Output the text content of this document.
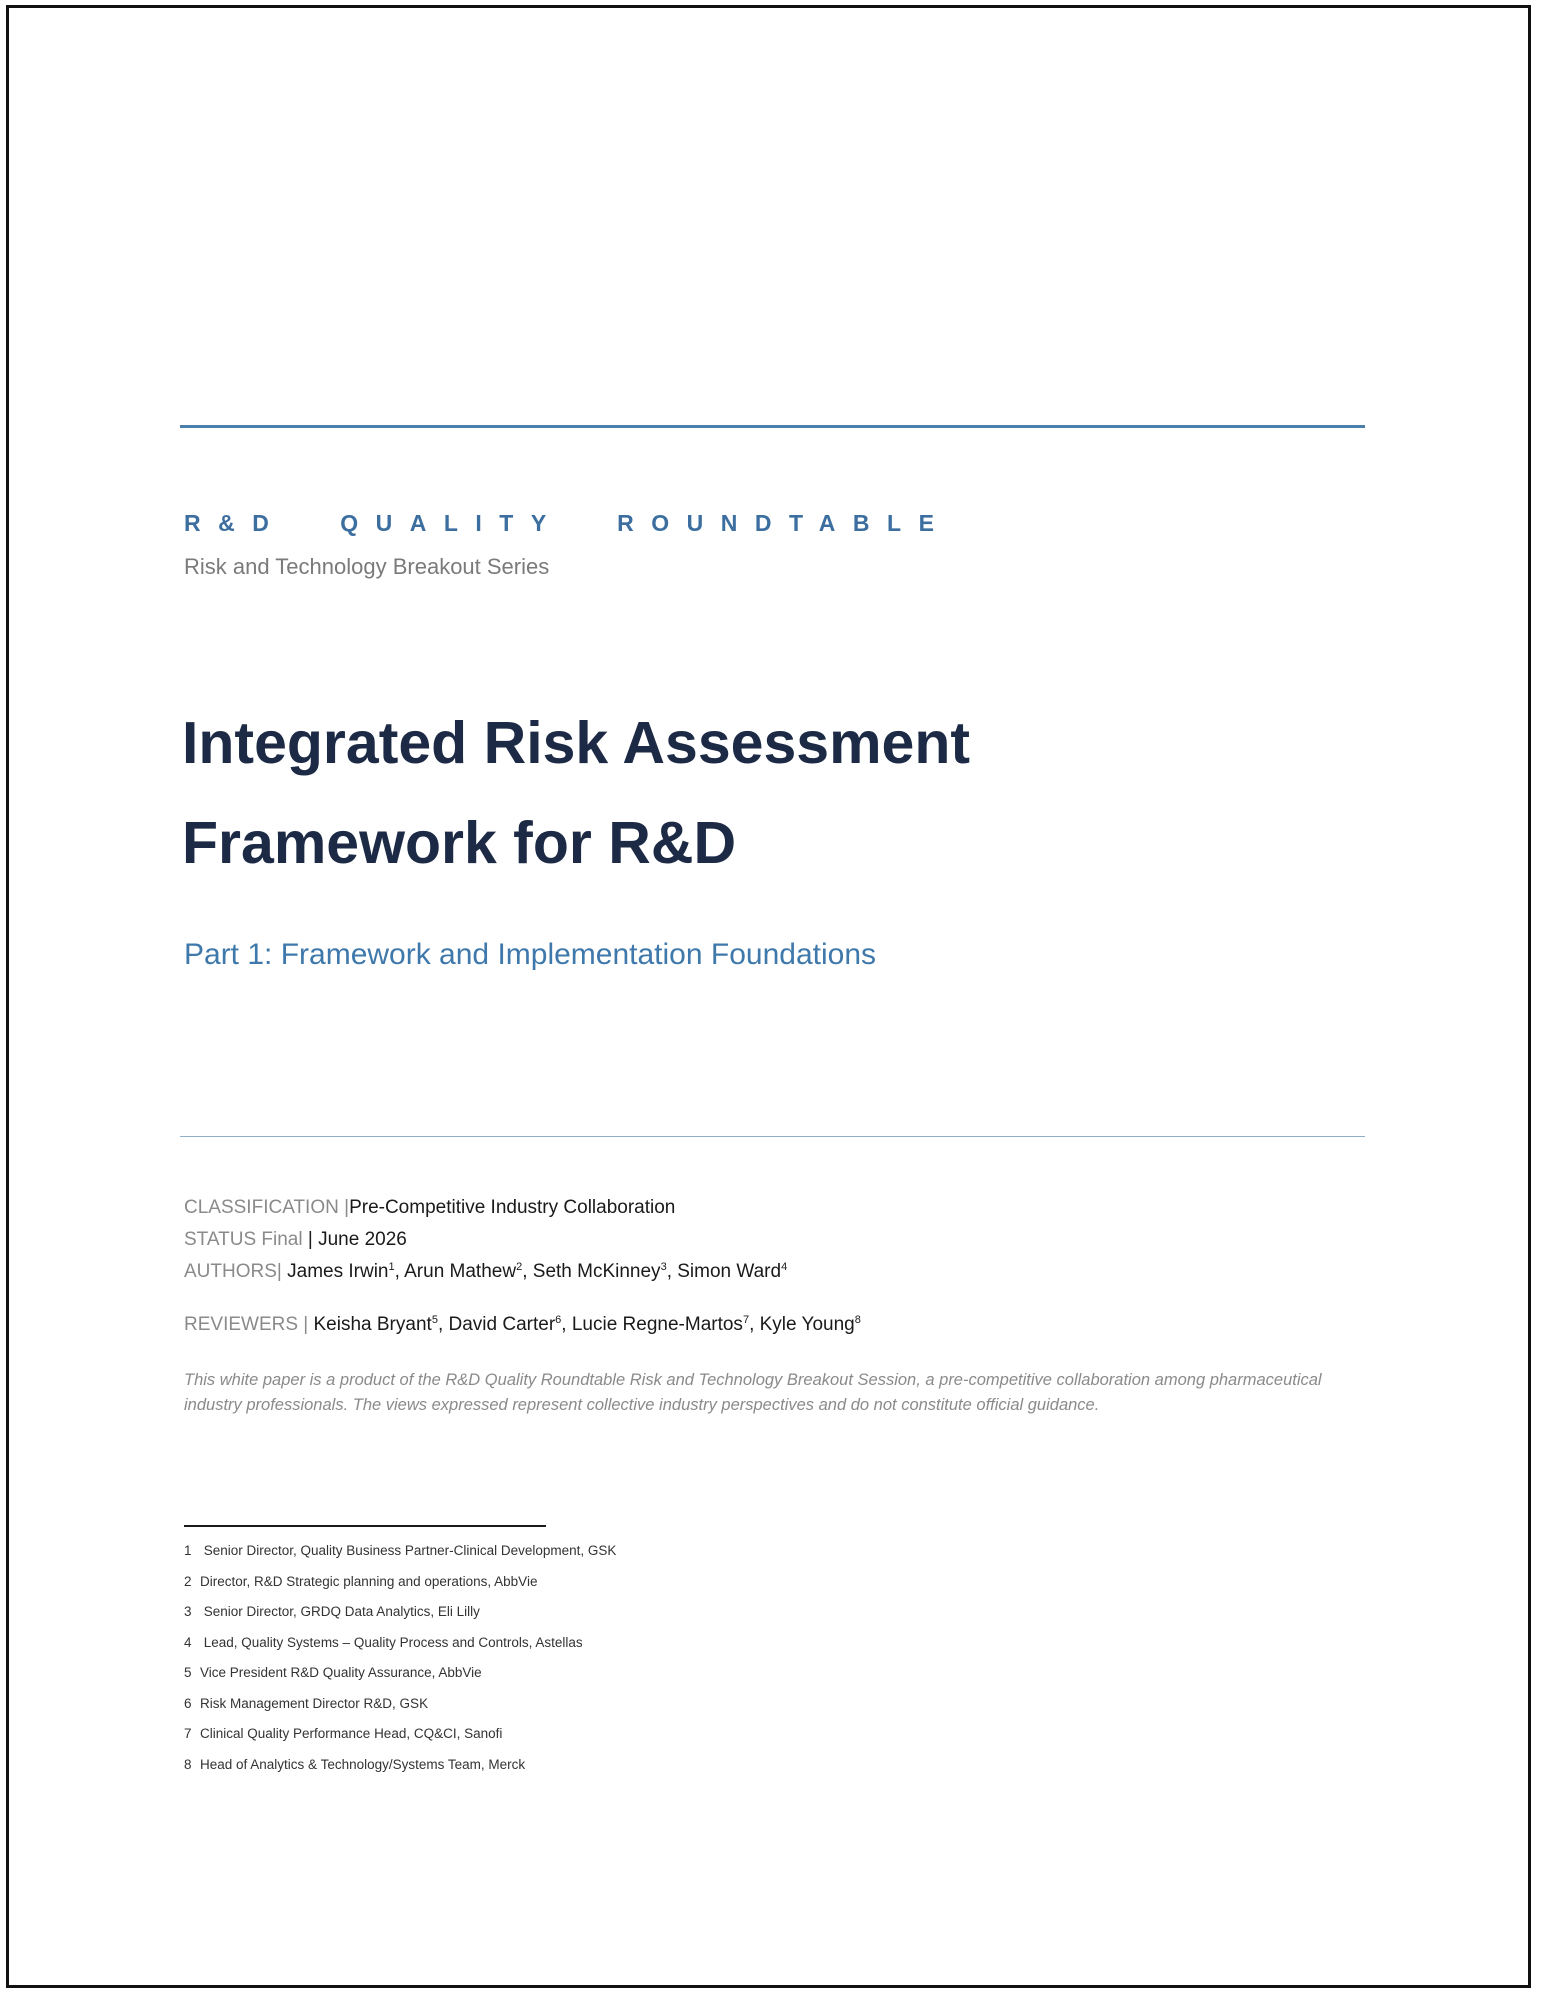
R&D QUALITY ROUNDTABLE
Risk and Technology Breakout Series
Integrated Risk Assessment
Framework for R&D
Part 1: Framework and Implementation Foundations
CLASSIFICATION |Pre-Competitive Industry Collaboration
STATUS Final | June 2026
AUTHORS| James Irwin$^1$, Arun Mathew$^2$, Seth McKinney$^3$, Simon Ward$^4$
REVIEWERS | Keisha Bryant$^5$, David Carter$^6$, Lucie Regne-Martos$^7$, Kyle Young$^8$
This white paper is a product of the R&D Quality Roundtable Risk and Technology Breakout Session, a pre-competitive collaboration among pharmaceutical industry professionals. The views expressed represent collective industry perspectives and do not constitute official guidance.
1 Senior Director, Quality Business Partner-Clinical Development, GSK
2 Director, R&D Strategic planning and operations, AbbVie
3 Senior Director, GRDQ Data Analytics, Eli Lilly
4 Lead, Quality Systems – Quality Process and Controls, Astellas
5 Vice President R&D Quality Assurance, AbbVie
6 Risk Management Director R&D, GSK
7 Clinical Quality Performance Head, CQ&CI, Sanofi
8 Head of Analytics & Technology/Systems Team, Merck
